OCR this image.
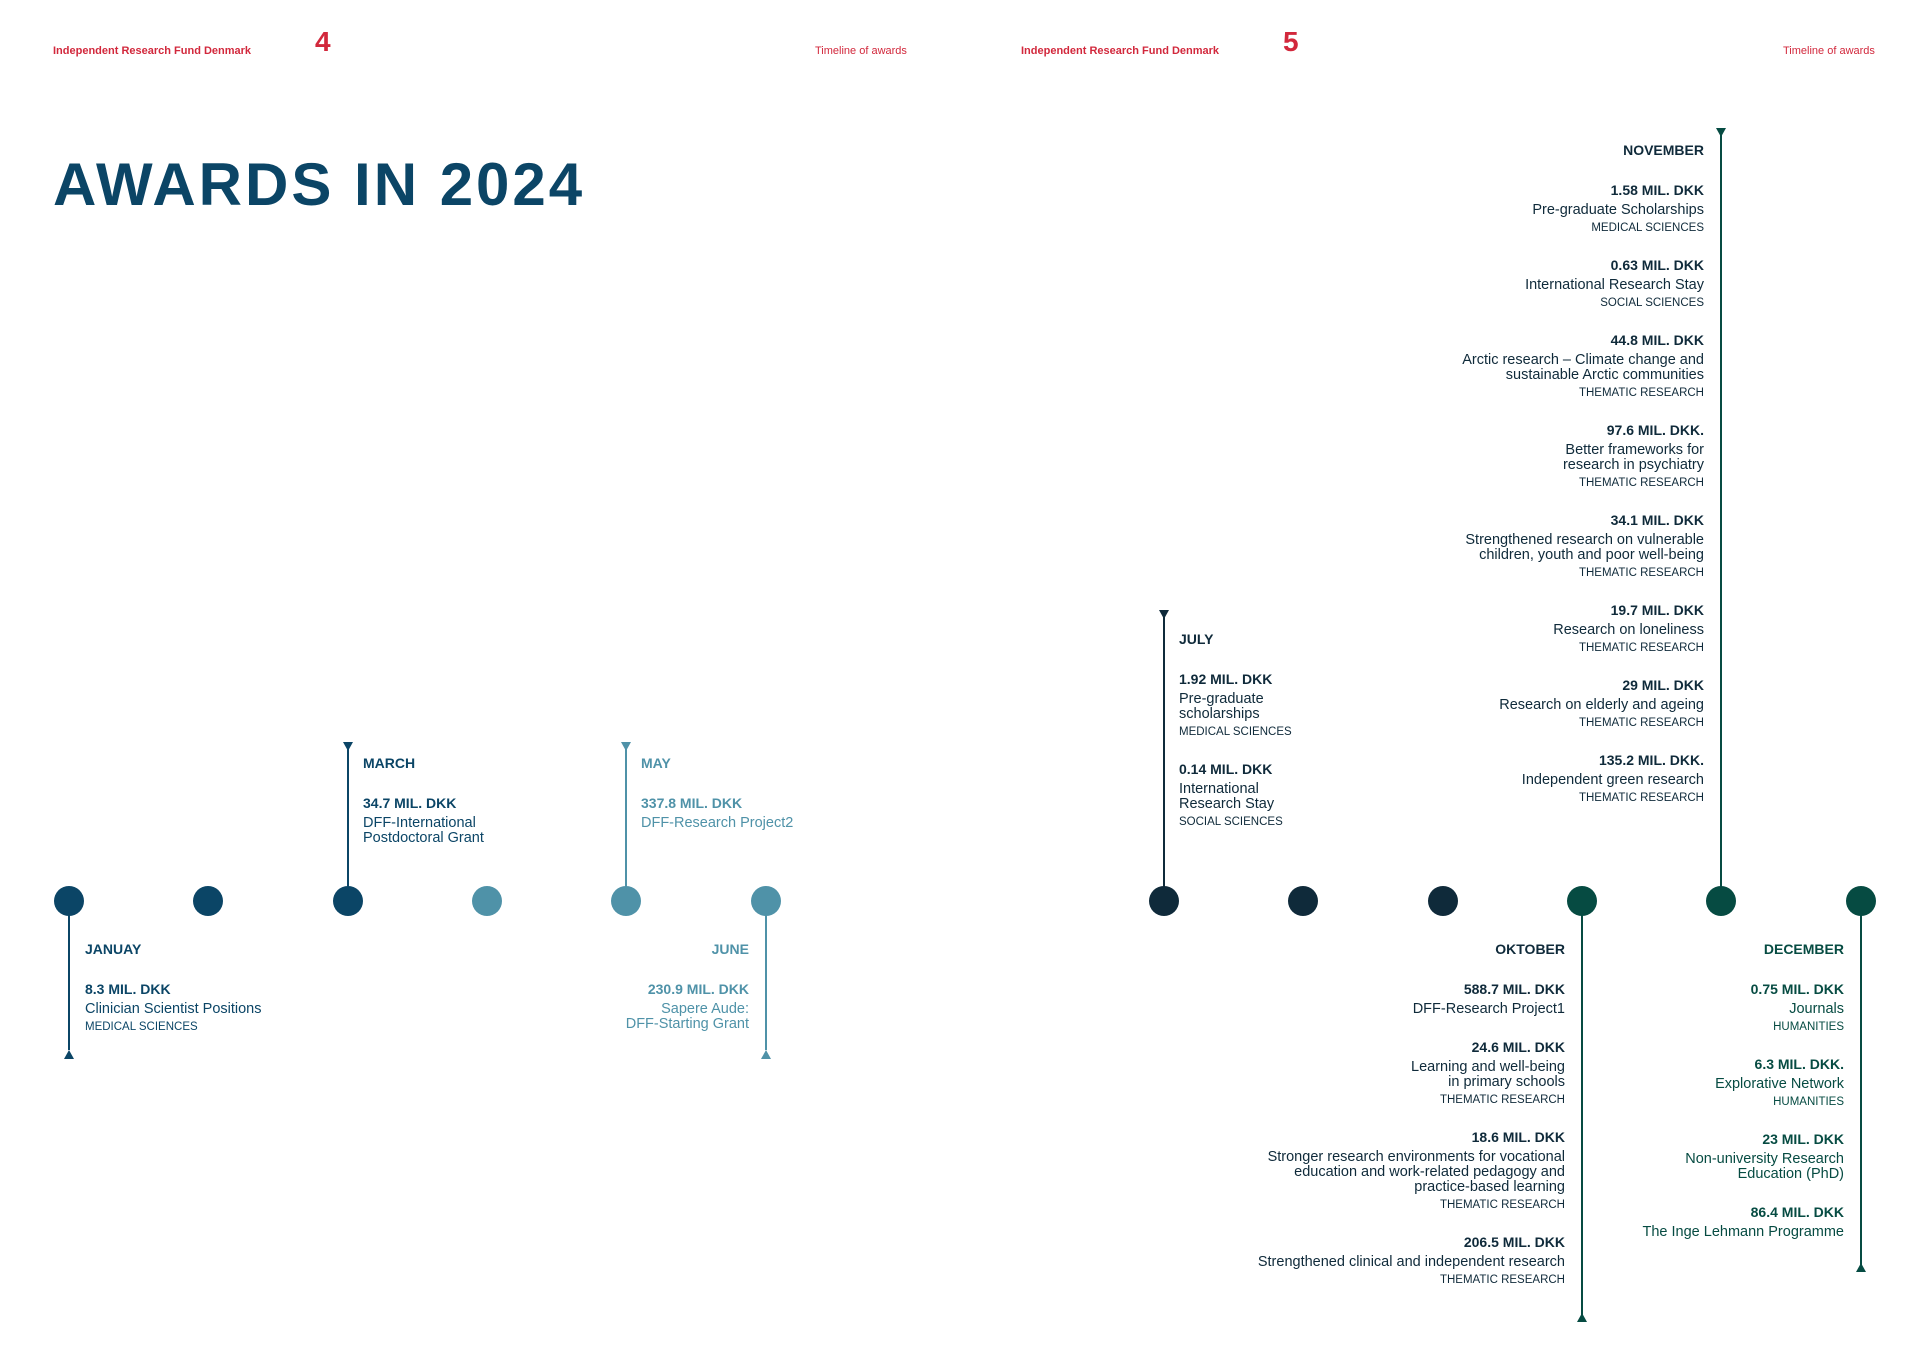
Independent Research Fund Denmark 4	Timeline of awards	Independent Research Fund Denmark 5	Timeline of awards
AWARDS IN 2024
JANUAY
8.3 MIL. DKK
Clinician Scientist Positions
MEDICAL SCIENCES
MARCH
34.7 MIL. DKK
DFF-International
Postdoctoral Grant
MAY
337.8 MIL. DKK
DFF-Research Project2
JUNE
230.9 MIL. DKK
Sapere Aude:
DFF-Starting Grant
JULY
1.92 MIL. DKK
Pre-graduate
scholarships
MEDICAL SCIENCES
0.14 MIL. DKK
International
Research Stay
SOCIAL SCIENCES
OKTOBER
588.7 MIL. DKK
DFF-Research Project1
24.6 MIL. DKK
Learning and well-being
in primary schools
THEMATIC RESEARCH
18.6 MIL. DKK
Stronger research environments for vocational
education and work-related pedagogy and
practice-based learning
THEMATIC RESEARCH
206.5 MIL. DKK
Strengthened clinical and independent research
THEMATIC RESEARCH
NOVEMBER
1.58 MIL. DKK
Pre-graduate Scholarships
MEDICAL SCIENCES
0.63 MIL. DKK
International Research Stay
SOCIAL SCIENCES
44.8 MIL. DKK
Arctic research – Climate change and
sustainable Arctic communities
THEMATIC RESEARCH
97.6 MIL. DKK.
Better frameworks for
research in psychiatry
THEMATIC RESEARCH
34.1 MIL. DKK
Strengthened research on vulnerable
children, youth and poor well-being
THEMATIC RESEARCH
19.7 MIL. DKK
Research on loneliness
THEMATIC RESEARCH
29 MIL. DKK
Research on elderly and ageing
THEMATIC RESEARCH
135.2 MIL. DKK.
Independent green research
THEMATIC RESEARCH
DECEMBER
0.75 MIL. DKK
Journals
HUMANITIES
6.3 MIL. DKK.
Explorative Network
HUMANITIES
23 MIL. DKK
Non-university Research
Education (PhD)
86.4 MIL. DKK
The Inge Lehmann Programme
